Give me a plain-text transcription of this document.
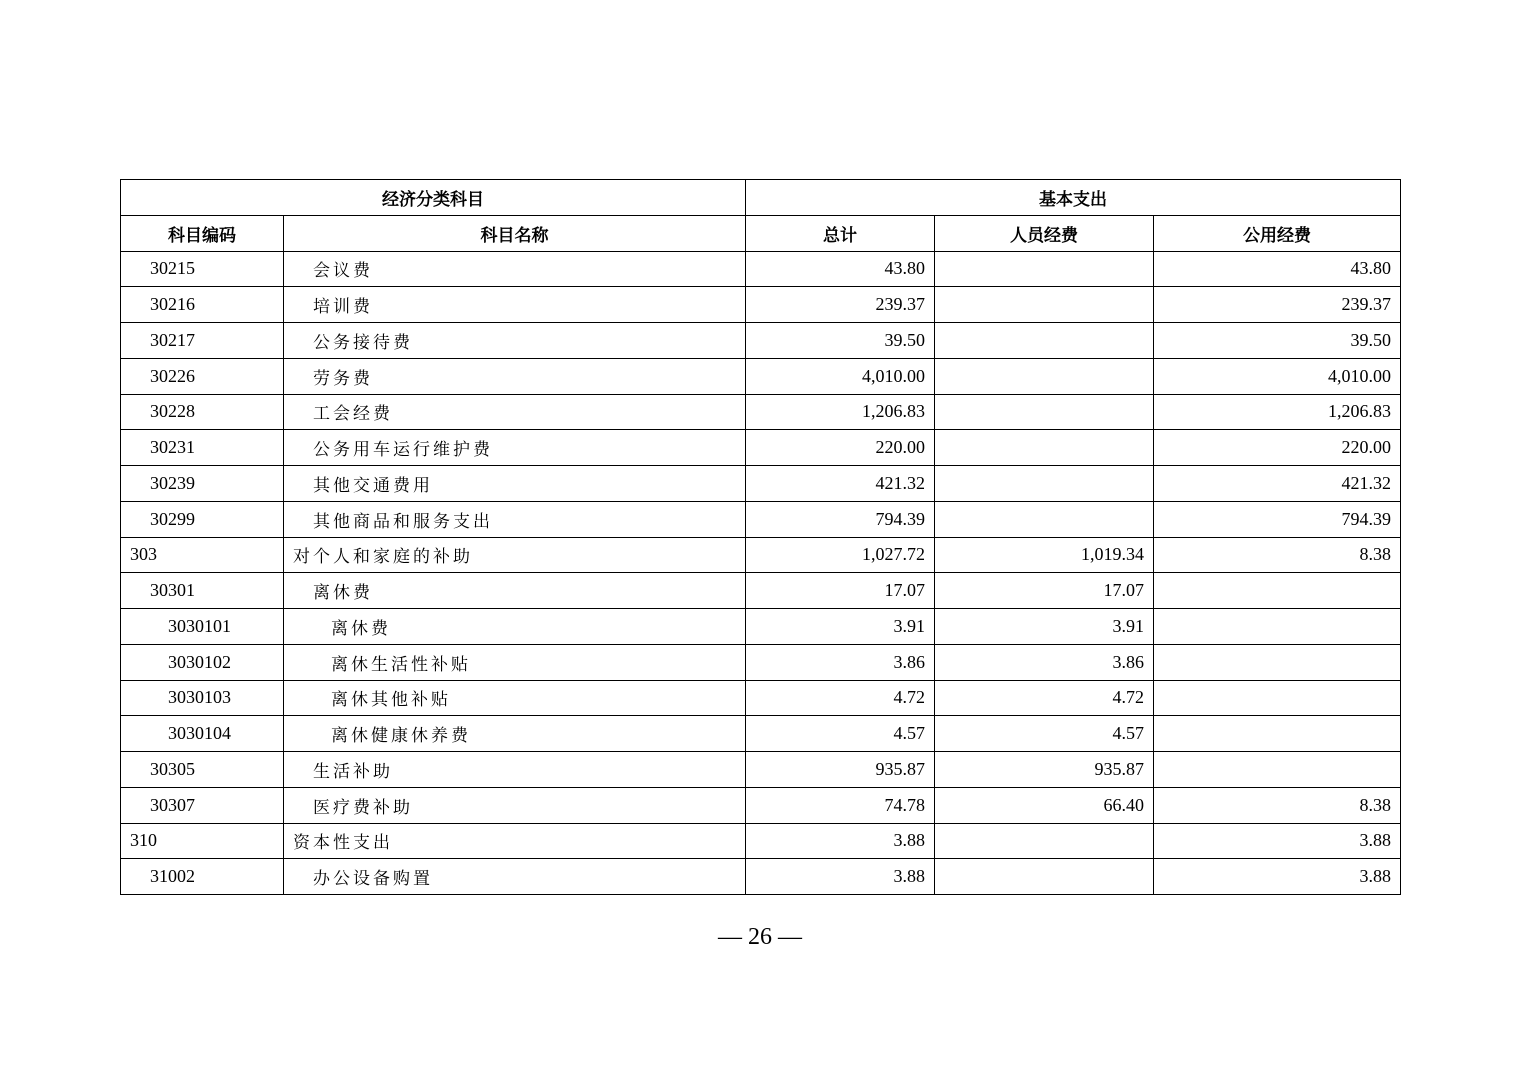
经济分类科目		基本支出		
科目编码	科目名称	总计	人员经费	公用经费
30215	会议费	43.80		43.80
30216	培训费	239.37		239.37
30217	公务接待费	39.50		39.50
30226	劳务费	4,010.00		4,010.00
30228	工会经费	1,206.83		1,206.83
30231	公务用车运行维护费	220.00		220.00
30239	其他交通费用	421.32		421.32
30299	其他商品和服务支出	794.39		794.39
303	对个人和家庭的补助	1,027.72	1,019.34	8.38
30301	离休费	17.07	17.07	
3030101	离休费	3.91	3.91	
3030102	离休生活性补贴	3.86	3.86	
3030103	离休其他补贴	4.72	4.72	
3030104	离休健康休养费	4.57	4.57	
30305	生活补助	935.87	935.87	
30307	医疗费补助	74.78	66.40	8.38
310	资本性支出	3.88		3.88
31002	办公设备购置	3.88		3.88
— 26 —
